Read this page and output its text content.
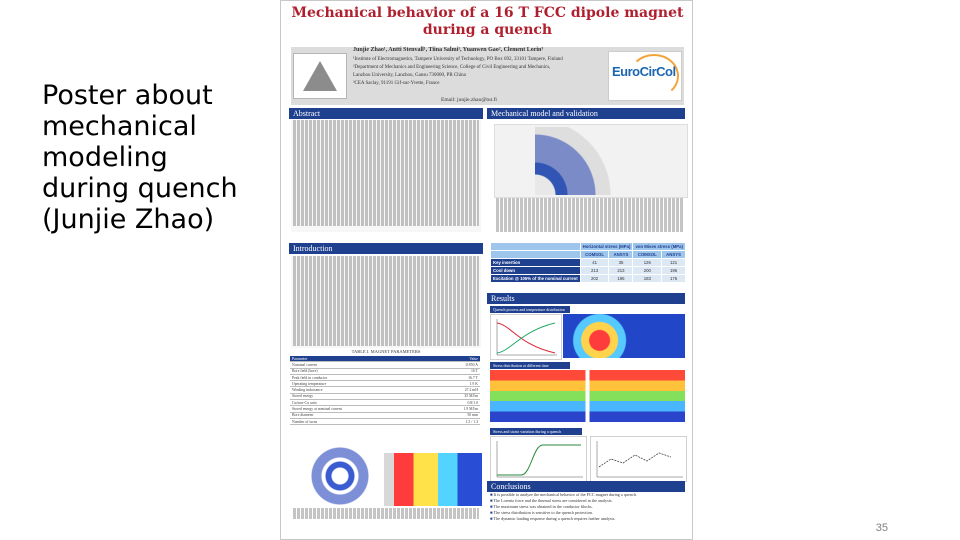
Poster about mechanical modeling during quench (Junjie Zhao)
35
Mechanical behavior of a 16 T FCC dipole magnet
during a quench
Junjie Zhao¹, Antti Stenvall¹, Tiina Salmi¹, Yuanwen Gao², Clement Lorin³
¹Institute of Electromagnetics, Tampere University of Technology, PO Box 692, 33101 Tampere, Finland
²Department of Mechanics and Engineering Science, College of Civil Engineering and Mechanics,
Lanzhou University, Lanzhou, Gansu 730000, PR China
³CEA Saclay, 91191 Gif-sur-Yvette, France
Email: junjie.zhao@tut.fi
EuroCirCol
Abstract
Introduction
TABLE I. MAGNET PARAMETERS
Parameter	Value
Nominal current	11850 A
Bore field (bore)	16 T
Peak field in conductor	16.7 T
Operating temperature	1.9 K
Winding inductance	27.2 mH
Stored energy	35 MJ/m
Cu/non-Cu ratio	0.8/1.0
Stored energy at nominal current	1.9 MJ/m
Bore diameter	50 mm
Number of turns	1.5 / 1.3
Mechanical model and validation
	Horizontal stress (MPa)		von Mises stress (MPa)	
	COMSOL	ANSYS	COMSOL	ANSYS
Key insertion	41	35	126	121
Cool down	213	213	200	196
Excitation @ 105% of the nominal current	202	195	183	176
Results
Quench process and temperature distribution
Stress distribution at different time
Stress and strain variation during a quench
Conclusions
■ It is possible to analyze the mechanical behavior of the FCC magnet during a quench.
■ The Lorentz force and the thermal stress are considered in the analysis.
■ The maximum stress was obtained in the conductor blocks.
■ The stress distribution is sensitive to the quench protection.
■ The dynamic loading response during a quench requires further analysis.
